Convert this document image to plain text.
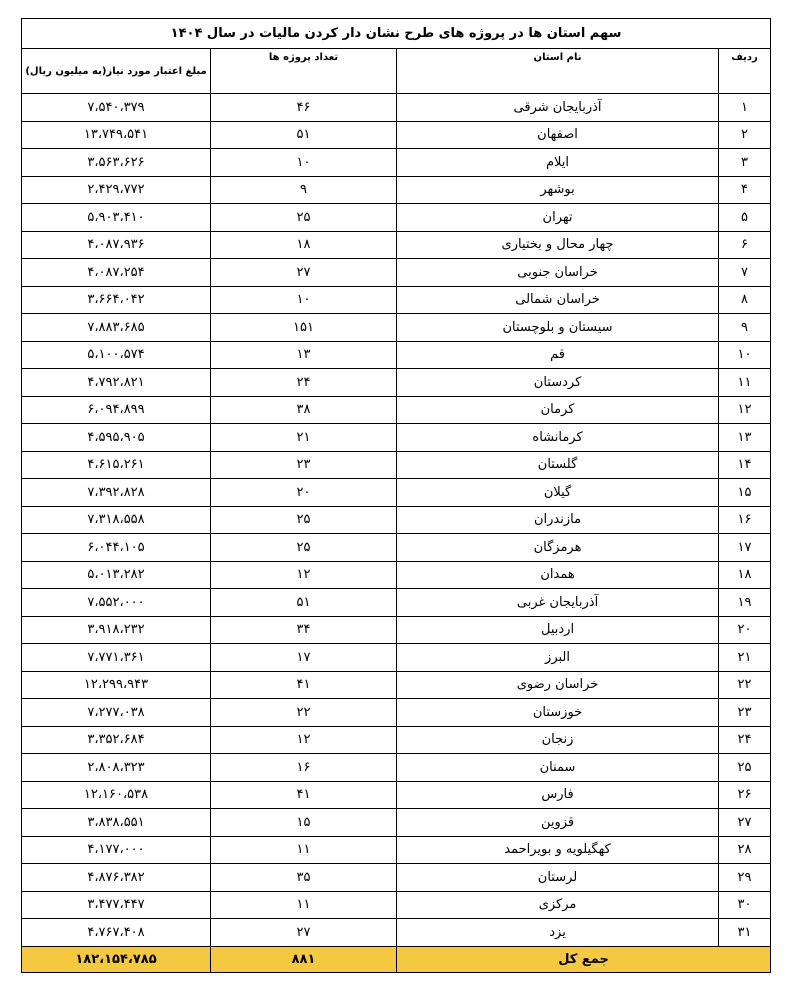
سهم استان ها در پروژه های طرح نشان دار کردن مالیات در سال ۱۴۰۴			
ردیف	نام استان	تعداد پروژه ها	مبلغ اعتبار مورد نیاز(به میلیون ریال)
۱	آذربایجان شرقی	۴۶	۷،۵۴۰،۳۷۹
۲	اصفهان	۵۱	۱۳،۷۴۹،۵۴۱
۳	ایلام	۱۰	۳،۵۶۳،۶۲۶
۴	بوشهر	۹	۲،۴۲۹،۷۷۲
۵	تهران	۲۵	۵،۹۰۳،۴۱۰
۶	چهار محال و بختیاری	۱۸	۴،۰۸۷،۹۳۶
۷	خراسان جنوبی	۲۷	۴،۰۸۷،۲۵۴
۸	خراسان شمالی	۱۰	۳،۶۶۴،۰۴۲
۹	سیستان و بلوچستان	۱۵۱	۷،۸۸۳،۶۸۵
۱۰	قم	۱۳	۵،۱۰۰،۵۷۴
۱۱	کردستان	۲۴	۴،۷۹۲،۸۲۱
۱۲	کرمان	۳۸	۶،۰۹۴،۸۹۹
۱۳	کرمانشاه	۲۱	۴،۵۹۵،۹۰۵
۱۴	گلستان	۲۳	۴،۶۱۵،۲۶۱
۱۵	گیلان	۲۰	۷،۳۹۲،۸۲۸
۱۶	مازندران	۲۵	۷،۳۱۸،۵۵۸
۱۷	هرمزگان	۲۵	۶،۰۴۴،۱۰۵
۱۸	همدان	۱۲	۵،۰۱۳،۲۸۲
۱۹	آذربایجان غربی	۵۱	۷،۵۵۲،۰۰۰
۲۰	اردبیل	۳۴	۳،۹۱۸،۲۳۲
۲۱	البرز	۱۷	۷،۷۷۱،۳۶۱
۲۲	خراسان رضوی	۴۱	۱۲،۲۹۹،۹۴۳
۲۳	خوزستان	۲۲	۷،۲۷۷،۰۳۸
۲۴	زنجان	۱۲	۳،۳۵۲،۶۸۴
۲۵	سمنان	۱۶	۲،۸۰۸،۳۲۳
۲۶	فارس	۴۱	۱۲،۱۶۰،۵۳۸
۲۷	قزوین	۱۵	۳،۸۳۸،۵۵۱
۲۸	کهگیلویه و بویراحمد	۱۱	۴،۱۷۷،۰۰۰
۲۹	لرستان	۳۵	۴،۸۷۶،۳۸۲
۳۰	مرکزی	۱۱	۳،۴۷۷،۴۴۷
۳۱	یزد	۲۷	۴،۷۶۷،۴۰۸
جمع کل		۸۸۱	۱۸۲،۱۵۴،۷۸۵
